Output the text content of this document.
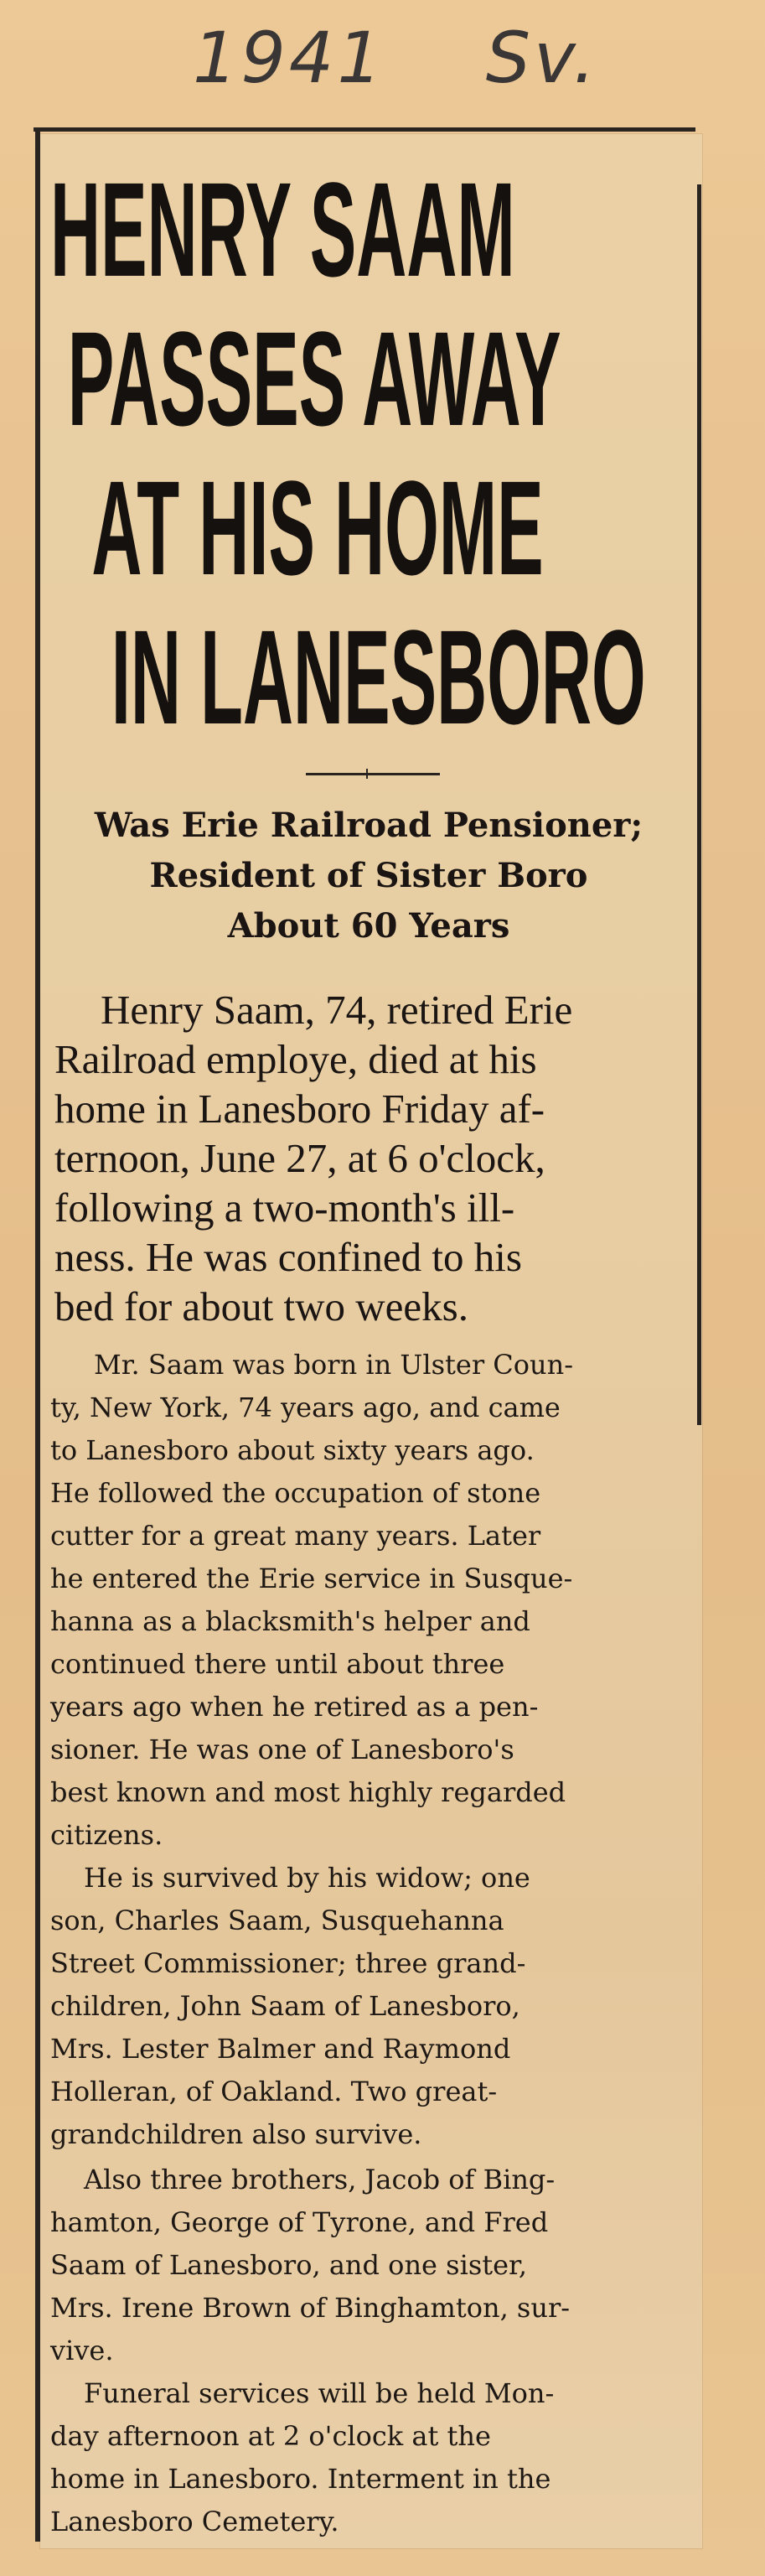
1941 Sv.
HENRY SAAM
PASSES AWAY
AT HIS HOME
IN LANESBORO
Was Erie Railroad Pensioner;
Resident of Sister Boro
About 60 Years
Henry Saam, 74, retired Erie
Railroad employe, died at his
home in Lanesboro Friday af-
ternoon, June 27, at 6 o'clock,
following a two-month's ill-
ness. He was confined to his
bed for about two weeks.
Mr. Saam was born in Ulster Coun-
ty, New York, 74 years ago, and came
to Lanesboro about sixty years ago.
He followed the occupation of stone
cutter for a great many years. Later
he entered the Erie service in Susque-
hanna as a blacksmith's helper and
continued there until about three
years ago when he retired as a pen-
sioner. He was one of Lanesboro's
best known and most highly regarded
citizens.
He is survived by his widow; one
son, Charles Saam, Susquehanna
Street Commissioner; three grand-
children, John Saam of Lanesboro,
Mrs. Lester Balmer and Raymond
Holleran, of Oakland. Two great-
grandchildren also survive.
Also three brothers, Jacob of Bing-
hamton, George of Tyrone, and Fred
Saam of Lanesboro, and one sister,
Mrs. Irene Brown of Binghamton, sur-
vive.
Funeral services will be held Mon-
day afternoon at 2 o'clock at the
home in Lanesboro. Interment in the
Lanesboro Cemetery.
